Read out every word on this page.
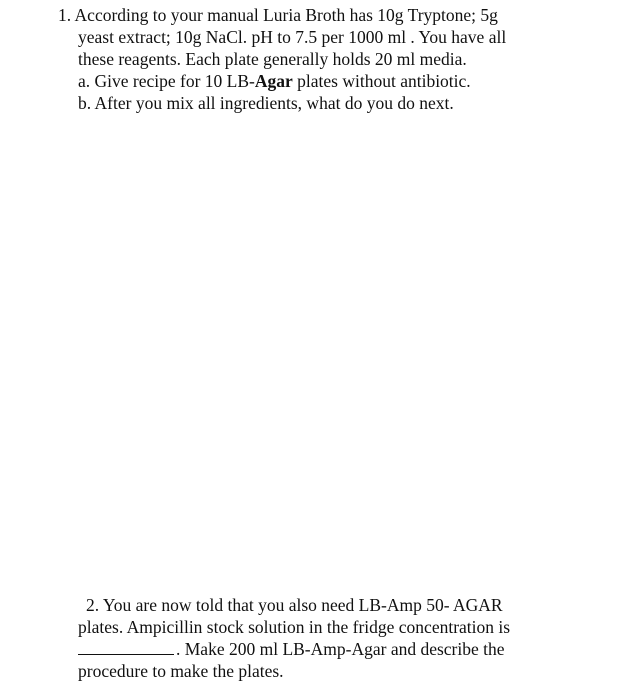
1. According to your manual Luria Broth has 10g Tryptone; 5g
yeast extract; 10g NaCl. pH to 7.5 per 1000 ml . You have all
these reagents. Each plate generally holds 20 ml media.
a. Give recipe for 10 LB-Agar plates without antibiotic.
b. After you mix all ingredients, what do you do next.
2. You are now told that you also need LB-Amp 50- AGAR
plates. Ampicillin stock solution in the fridge concentration is
. Make 200 ml LB-Amp-Agar and describe the
procedure to make the plates.
